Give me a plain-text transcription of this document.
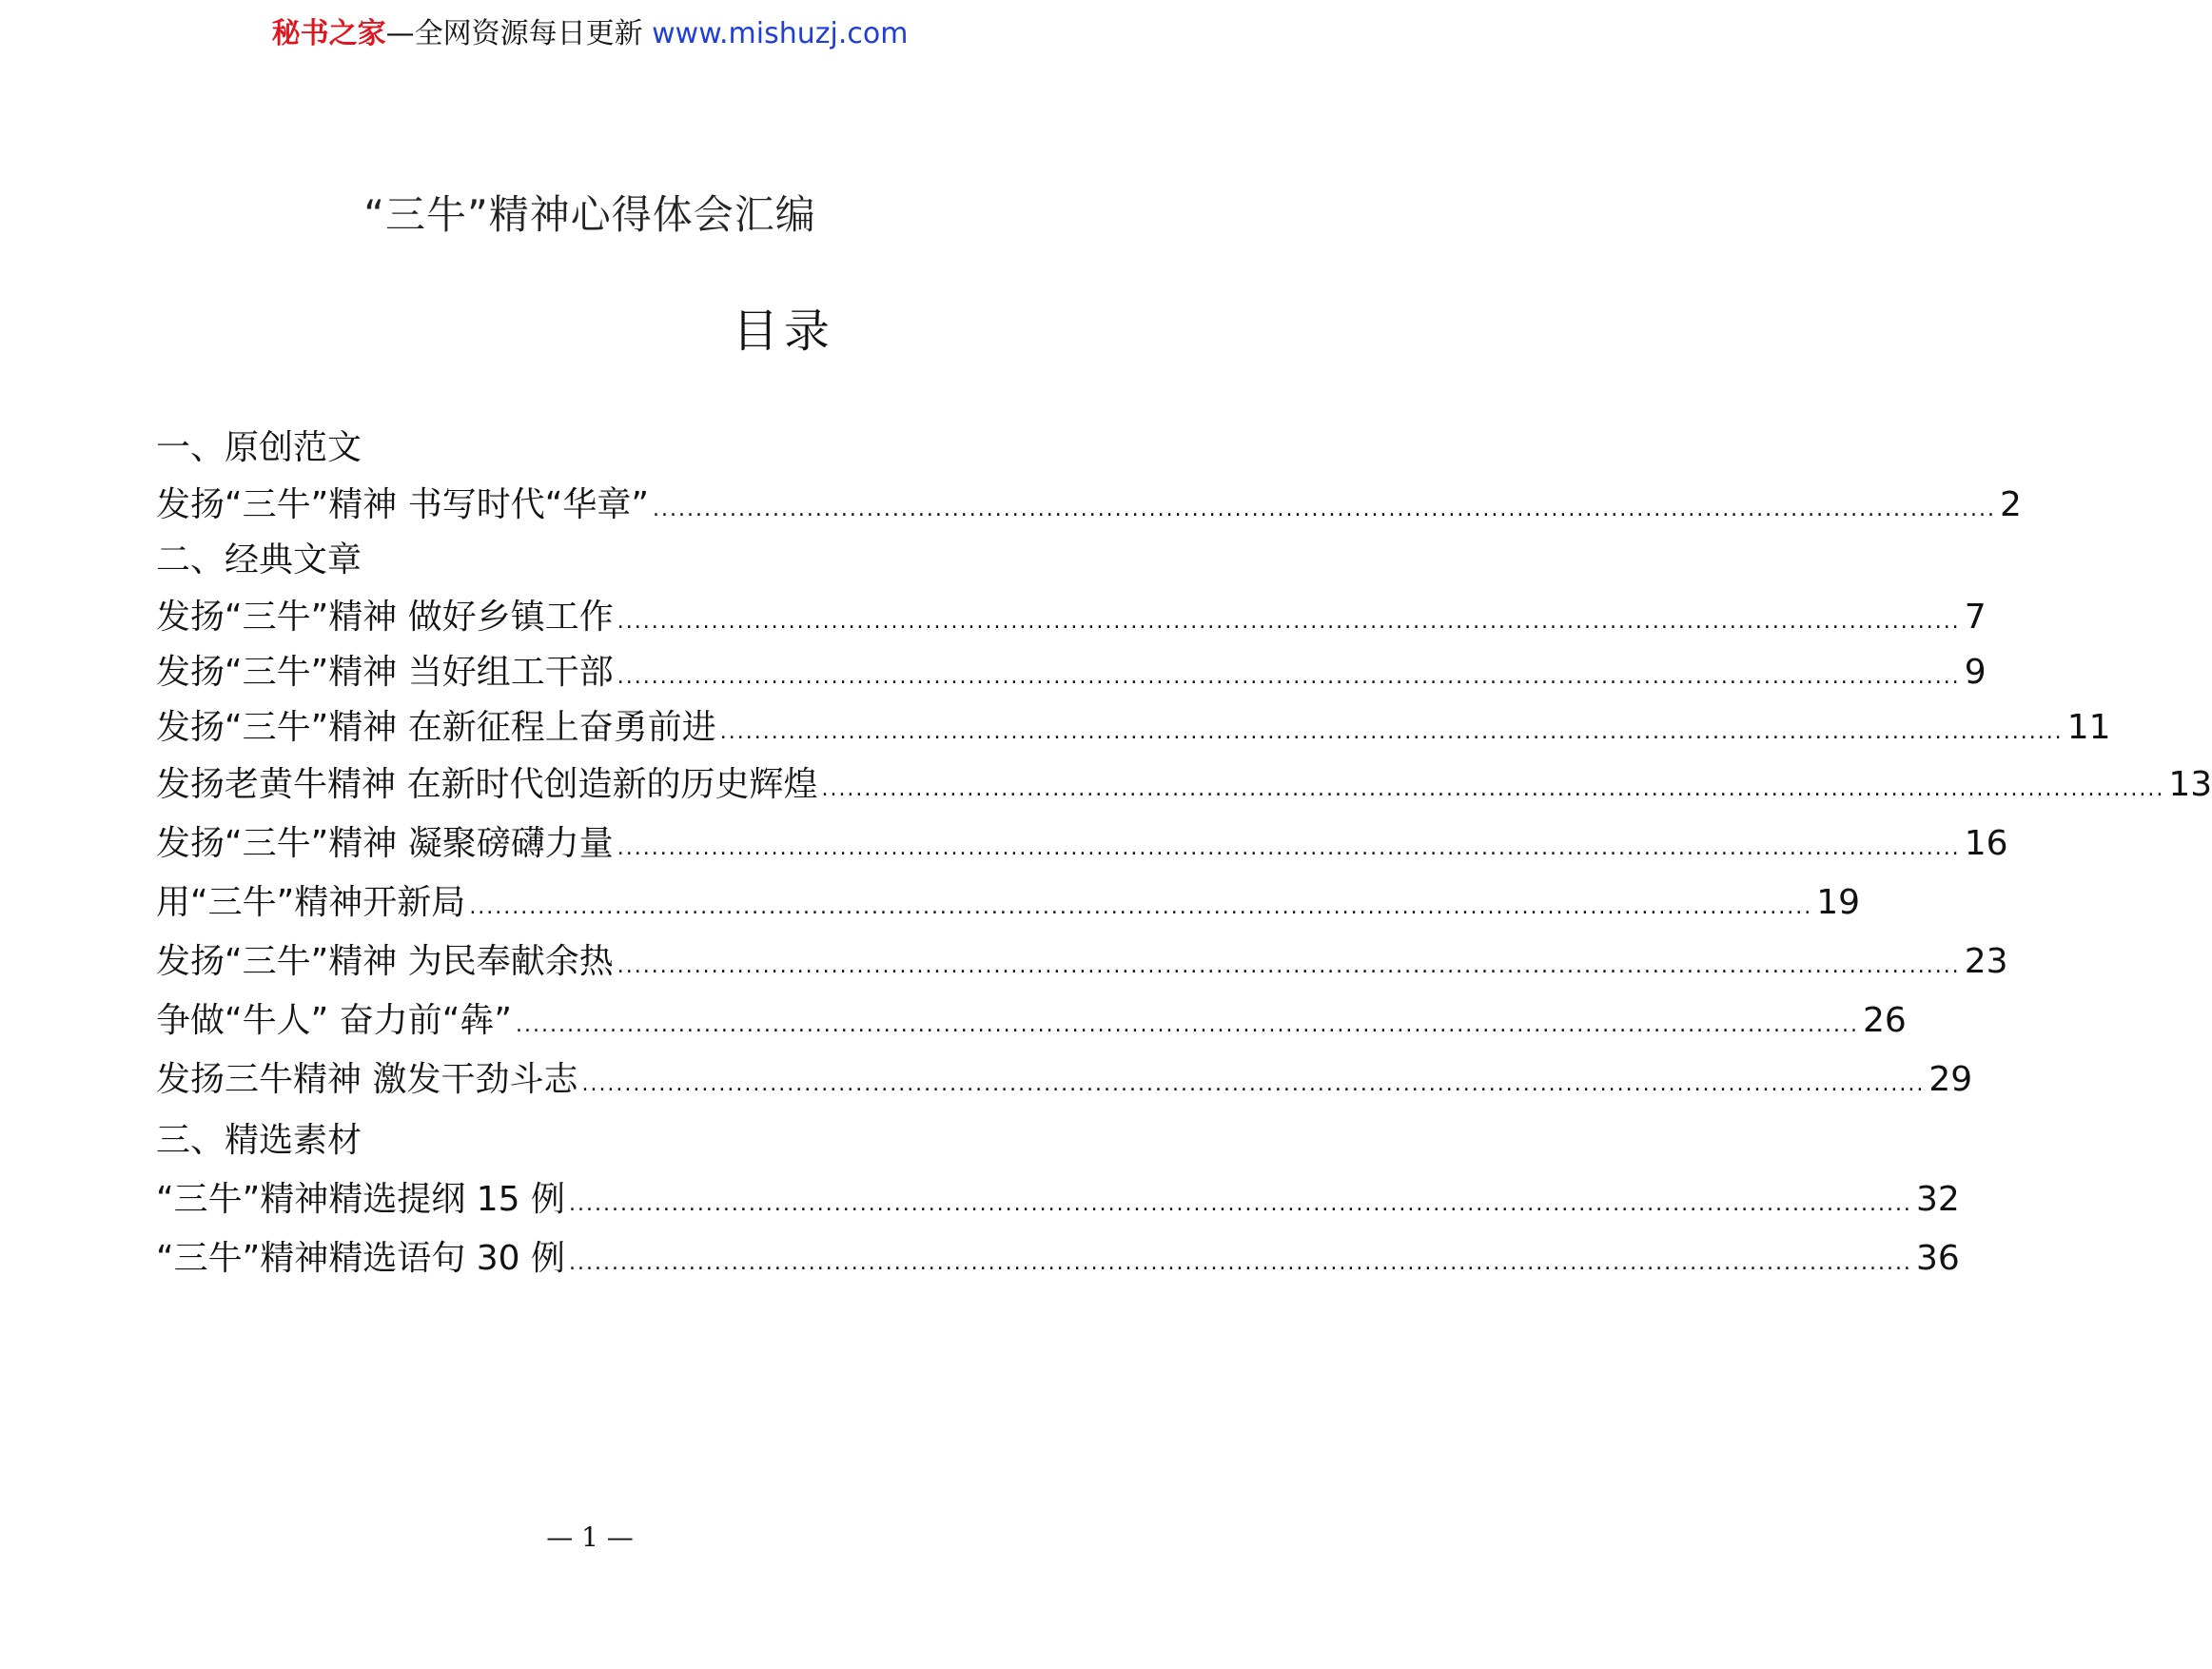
秘书之家—全网资源每日更新 www.mishuzj.com
“三牛”精神心得体会汇编
目录
一、原创范文
发扬“三牛”精神 书写时代“华章” ............................................................................................................................................................. 2
二、经典文章
发扬“三牛”精神 做好乡镇工作 ............................................................................................................................................................. 7
发扬“三牛”精神 当好组工干部 ............................................................................................................................................................. 9
发扬“三牛”精神 在新征程上奋勇前进 ............................................................................................................................................................. 11
发扬老黄牛精神 在新时代创造新的历史辉煌 ............................................................................................................................................................. 13
发扬“三牛”精神 凝聚磅礴力量 ............................................................................................................................................................. 16
用“三牛”精神开新局 ............................................................................................................................................................. 19
发扬“三牛”精神 为民奉献余热 ............................................................................................................................................................. 23
争做“牛人” 奋力前“犇” ............................................................................................................................................................. 26
发扬三牛精神 激发干劲斗志 ............................................................................................................................................................. 29
三、精选素材
“三牛”精神精选提纲 15 例 ............................................................................................................................................................. 32
“三牛”精神精选语句 30 例 ............................................................................................................................................................. 36
— 1 —
